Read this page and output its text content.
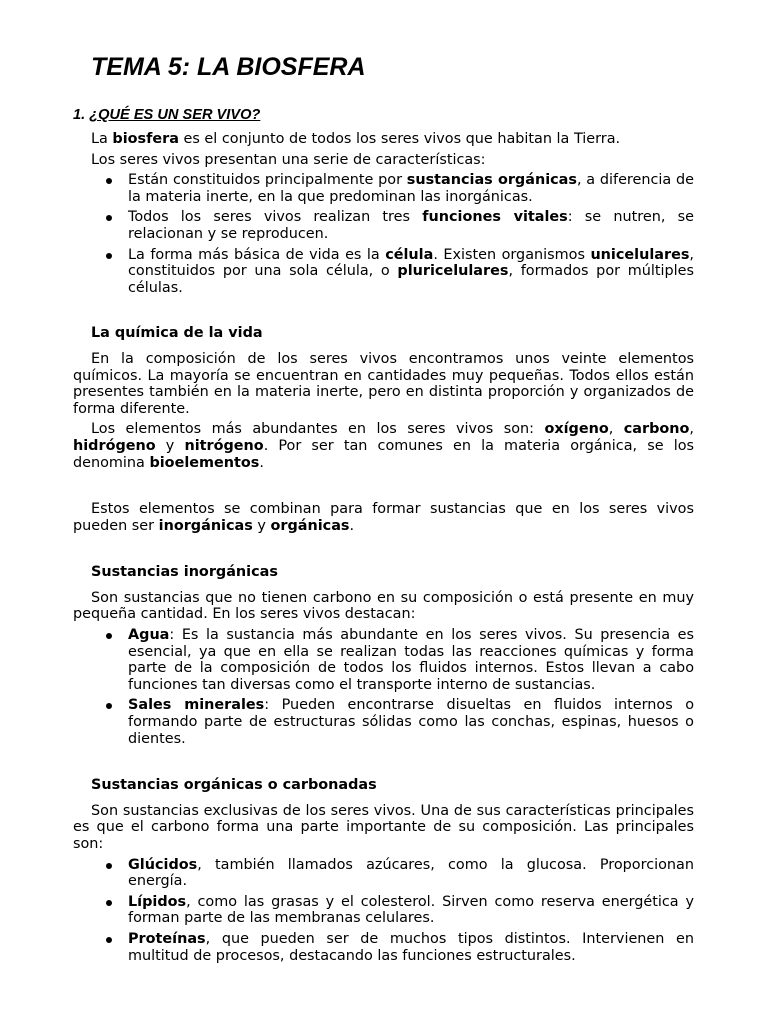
TEMA 5: LA BIOSFERA
1. ¿QUÉ ES UN SER VIVO?

La biosfera es el conjunto de todos los seres vivos que habitan la Tierra.

Los seres vivos presentan una serie de características:

Están constituidos principalmente por sustancias orgánicas, a diferencia de la materia inerte, en la que predominan las inorgánicas.
Todos los seres vivos realizan tres funciones vitales: se nutren, se relacionan y se reproducen.
La forma más básica de vida es la célula. Existen organismos unicelulares, constituidos por una sola célula, o pluricelulares, formados por múltiples células.

La química de la vida

En la composición de los seres vivos encontramos unos veinte elementos químicos. La mayoría se encuentran en cantidades muy pequeñas. Todos ellos están presentes también en la materia inerte, pero en distinta proporción y organizados de forma diferente.

Los elementos más abundantes en los seres vivos son: oxígeno, carbono, hidrógeno y nitrógeno. Por ser tan comunes en la materia orgánica, se los denomina bioelementos.

Estos elementos se combinan para formar sustancias que en los seres vivos pueden ser inorgánicas y orgánicas.

Sustancias inorgánicas

Son sustancias que no tienen carbono en su composición o está presente en muy pequeña cantidad. En los seres vivos destacan:

Agua: Es la sustancia más abundante en los seres vivos. Su presencia es esencial, ya que en ella se realizan todas las reacciones químicas y forma parte de la composición de todos los fluidos internos. Estos llevan a cabo funciones tan diversas como el transporte interno de sustancias.
Sales minerales: Pueden encontrarse disueltas en fluidos internos o formando parte de estructuras sólidas como las conchas, espinas, huesos o dientes.

Sustancias orgánicas o carbonadas

Son sustancias exclusivas de los seres vivos. Una de sus características principales es que el carbono forma una parte importante de su composición. Las principales son:

Glúcidos, también llamados azúcares, como la glucosa. Proporcionan energía.
Lípidos, como las grasas y el colesterol. Sirven como reserva energética y forman parte de las membranas celulares.
Proteínas, que pueden ser de muchos tipos distintos. Intervienen en multitud de procesos, destacando las funciones estructurales.
